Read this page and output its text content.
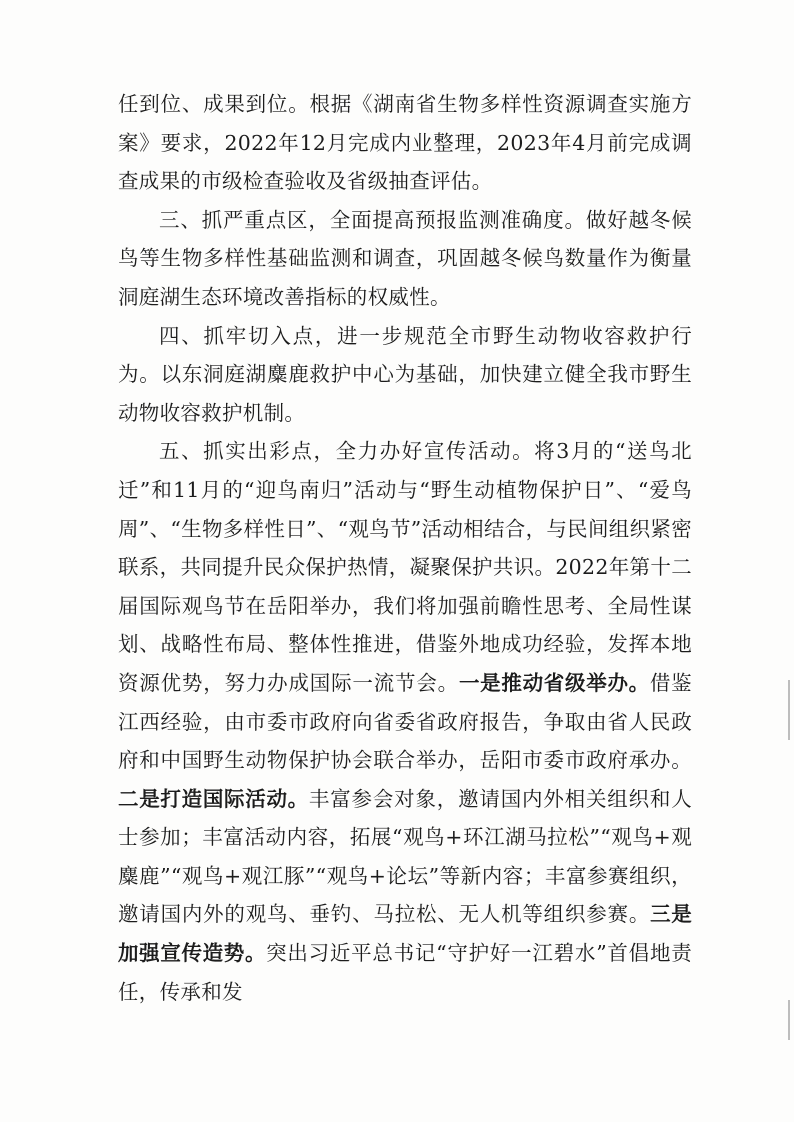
任到位、成果到位。根据《湖南省生物多样性资源调查实施方案》要求，2022年12月完成内业整理，2023年4月前完成调查成果的市级检查验收及省级抽查评估。

三、抓严重点区，全面提高预报监测准确度。做好越冬候鸟等生物多样性基础监测和调查，巩固越冬候鸟数量作为衡量洞庭湖生态环境改善指标的权威性。

四、抓牢切入点，进一步规范全市野生动物收容救护行为。以东洞庭湖麋鹿救护中心为基础，加快建立健全我市野生动物收容救护机制。

五、抓实出彩点，全力办好宣传活动。将3月的“送鸟北迁”和11月的“迎鸟南归”活动与“野生动植物保护日”、“爱鸟周”、“生物多样性日”、“观鸟节”活动相结合，与民间组织紧密联系，共同提升民众保护热情，凝聚保护共识。2022年第十二届国际观鸟节在岳阳举办，我们将加强前瞻性思考、全局性谋划、战略性布局、整体性推进，借鉴外地成功经验，发挥本地资源优势，努力办成国际一流节会。一是推动省级举办。借鉴江西经验，由市委市政府向省委省政府报告，争取由省人民政府和中国野生动物保护协会联合举办，岳阳市委市政府承办。二是打造国际活动。丰富参会对象，邀请国内外相关组织和人士参加；丰富活动内容，拓展“观鸟+环江湖马拉松”“观鸟+观麋鹿”“观鸟+观江豚”“观鸟+论坛”等新内容；丰富参赛组织，邀请国内外的观鸟、垂钓、马拉松、无人机等组织参赛。三是加强宣传造势。突出习近平总书记“守护好一江碧水”首倡地责任，传承和发
